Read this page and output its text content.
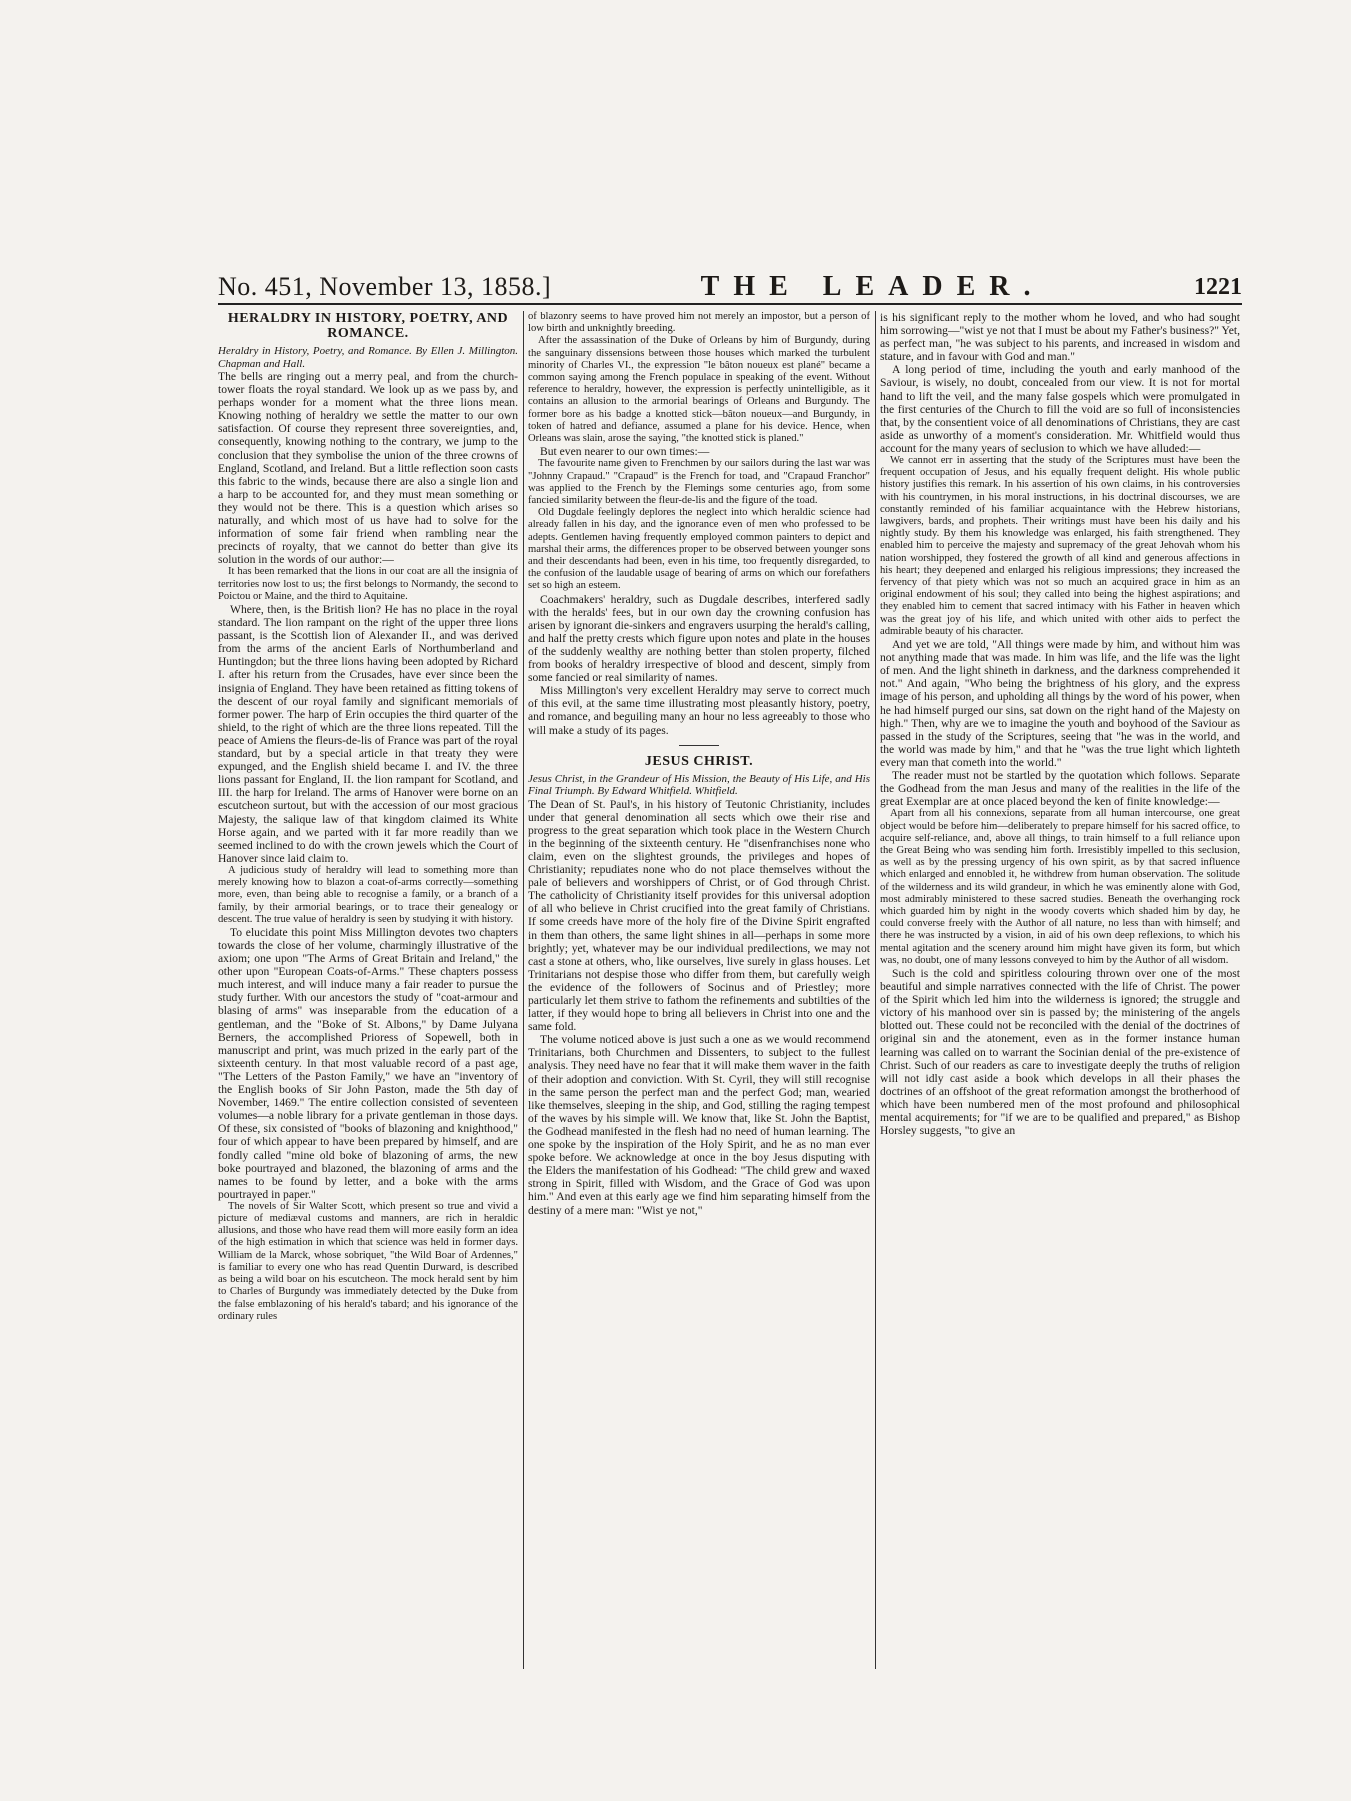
No. 451, November 13, 1858.]	THE LEADER.	1221
HERALDRY IN HISTORY, POETRY, AND ROMANCE.

Heraldry in History, Poetry, and Romance. By Ellen J. Millington. Chapman and Hall.

The bells are ringing out a merry peal, and from the church-tower floats the royal standard. We look up as we pass by, and perhaps wonder for a moment what the three lions mean. Knowing nothing of heraldry we settle the matter to our own satisfaction. Of course they represent three sovereignties, and, consequently, knowing nothing to the contrary, we jump to the conclusion that they symbolise the union of the three crowns of England, Scotland, and Ireland. But a little reflection soon casts this fabric to the winds, because there are also a single lion and a harp to be accounted for, and they must mean something or they would not be there. This is a question which arises so naturally, and which most of us have had to solve for the information of some fair friend when rambling near the precincts of royalty, that we cannot do better than give its solution in the words of our author:—

It has been remarked that the lions in our coat are all the insignia of territories now lost to us; the first belongs to Normandy, the second to Poictou or Maine, and the third to Aquitaine.

Where, then, is the British lion? He has no place in the royal standard. The lion rampant on the right of the upper three lions passant, is the Scottish lion of Alexander II., and was derived from the arms of the ancient Earls of Northumberland and Huntingdon; but the three lions having been adopted by Richard I. after his return from the Crusades, have ever since been the insignia of England. They have been retained as fitting tokens of the descent of our royal family and significant memorials of former power. The harp of Erin occupies the third quarter of the shield, to the right of which are the three lions repeated. Till the peace of Amiens the fleurs-de-lis of France was part of the royal standard, but by a special article in that treaty they were expunged, and the English shield became I. and IV. the three lions passant for England, II. the lion rampant for Scotland, and III. the harp for Ireland. The arms of Hanover were borne on an escutcheon surtout, but with the accession of our most gracious Majesty, the salique law of that kingdom claimed its White Horse again, and we parted with it far more readily than we seemed inclined to do with the crown jewels which the Court of Hanover since laid claim to.

A judicious study of heraldry will lead to something more than merely knowing how to blazon a coat-of-arms correctly—something more, even, than being able to recognise a family, or a branch of a family, by their armorial bearings, or to trace their genealogy or descent. The true value of heraldry is seen by studying it with history.

To elucidate this point Miss Millington devotes two chapters towards the close of her volume, charmingly illustrative of the axiom; one upon "The Arms of Great Britain and Ireland," the other upon "European Coats-of-Arms." These chapters possess much interest, and will induce many a fair reader to pursue the study further. With our ancestors the study of "coat-armour and blasing of arms" was inseparable from the education of a gentleman, and the "Boke of St. Albons," by Dame Julyana Berners, the accomplished Prioress of Sopewell, both in manuscript and print, was much prized in the early part of the sixteenth century. In that most valuable record of a past age, "The Letters of the Paston Family," we have an "inventory of the English books of Sir John Paston, made the 5th day of November, 1469." The entire collection consisted of seventeen volumes—a noble library for a private gentleman in those days. Of these, six consisted of "books of blazoning and knighthood," four of which appear to have been prepared by himself, and are fondly called "mine old boke of blazoning of arms, the new boke pourtrayed and blazoned, the blazoning of arms and the names to be found by letter, and a boke with the arms pourtrayed in paper."

The novels of Sir Walter Scott, which present so true and vivid a picture of mediæval customs and manners, are rich in heraldic allusions, and those who have read them will more easily form an idea of the high estimation in which that science was held in former days. William de la Marck, whose sobriquet, "the Wild Boar of Ardennes," is familiar to every one who has read Quentin Durward, is described as being a wild boar on his escutcheon. The mock herald sent by him to Charles of Burgundy was immediately detected by the Duke from the false emblazoning of his herald's tabard; and his ignorance of the ordinary rules

of blazonry seems to have proved him not merely an impostor, but a person of low birth and unknightly breeding.

After the assassination of the Duke of Orleans by him of Burgundy, during the sanguinary dissensions between those houses which marked the turbulent minority of Charles VI., the expression "le bâton noueux est plané" became a common saying among the French populace in speaking of the event. Without reference to heraldry, however, the expression is perfectly unintelligible, as it contains an allusion to the armorial bearings of Orleans and Burgundy. The former bore as his badge a knotted stick—bâton noueux—and Burgundy, in token of hatred and defiance, assumed a plane for his device. Hence, when Orleans was slain, arose the saying, "the knotted stick is planed."

But even nearer to our own times:—

The favourite name given to Frenchmen by our sailors during the last war was "Johnny Crapaud." "Crapaud" is the French for toad, and "Crapaud Franchor" was applied to the French by the Flemings some centuries ago, from some fancied similarity between the fleur-de-lis and the figure of the toad.

Old Dugdale feelingly deplores the neglect into which heraldic science had already fallen in his day, and the ignorance even of men who professed to be adepts. Gentlemen having frequently employed common painters to depict and marshal their arms, the differences proper to be observed between younger sons and their descendants had been, even in his time, too frequently disregarded, to the confusion of the laudable usage of bearing of arms on which our forefathers set so high an esteem.

Coachmakers' heraldry, such as Dugdale describes, interfered sadly with the heralds' fees, but in our own day the crowning confusion has arisen by ignorant die-sinkers and engravers usurping the herald's calling, and half the pretty crests which figure upon notes and plate in the houses of the suddenly wealthy are nothing better than stolen property, filched from books of heraldry irrespective of blood and descent, simply from some fancied or real similarity of names.

Miss Millington's very excellent Heraldry may serve to correct much of this evil, at the same time illustrating most pleasantly history, poetry, and romance, and beguiling many an hour no less agreeably to those who will make a study of its pages.

JESUS CHRIST.

Jesus Christ, in the Grandeur of His Mission, the Beauty of His Life, and His Final Triumph. By Edward Whitfield. Whitfield.

The Dean of St. Paul's, in his history of Teutonic Christianity, includes under that general denomination all sects which owe their rise and progress to the great separation which took place in the Western Church in the beginning of the sixteenth century. He "disenfranchises none who claim, even on the slightest grounds, the privileges and hopes of Christianity; repudiates none who do not place themselves without the pale of believers and worshippers of Christ, or of God through Christ. The catholicity of Christianity itself provides for this universal adoption of all who believe in Christ crucified into the great family of Christians. If some creeds have more of the holy fire of the Divine Spirit engrafted in them than others, the same light shines in all—perhaps in some more brightly; yet, whatever may be our individual predilections, we may not cast a stone at others, who, like ourselves, live surely in glass houses. Let Trinitarians not despise those who differ from them, but carefully weigh the evidence of the followers of Socinus and of Priestley; more particularly let them strive to fathom the refinements and subtilties of the latter, if they would hope to bring all believers in Christ into one and the same fold.

The volume noticed above is just such a one as we would recommend Trinitarians, both Churchmen and Dissenters, to subject to the fullest analysis. They need have no fear that it will make them waver in the faith of their adoption and conviction. With St. Cyril, they will still recognise in the same person the perfect man and the perfect God; man, wearied like themselves, sleeping in the ship, and God, stilling the raging tempest of the waves by his simple will. We know that, like St. John the Baptist, the Godhead manifested in the flesh had no need of human learning. The one spoke by the inspiration of the Holy Spirit, and he as no man ever spoke before. We acknowledge at once in the boy Jesus disputing with the Elders the manifestation of his Godhead: "The child grew and waxed strong in Spirit, filled with Wisdom, and the Grace of God was upon him." And even at this early age we find him separating himself from the destiny of a mere man: "Wist ye not,"

is his significant reply to the mother whom he loved, and who had sought him sorrowing—"wist ye not that I must be about my Father's business?" Yet, as perfect man, "he was subject to his parents, and increased in wisdom and stature, and in favour with God and man."

A long period of time, including the youth and early manhood of the Saviour, is wisely, no doubt, concealed from our view. It is not for mortal hand to lift the veil, and the many false gospels which were promulgated in the first centuries of the Church to fill the void are so full of inconsistencies that, by the consentient voice of all denominations of Christians, they are cast aside as unworthy of a moment's consideration. Mr. Whitfield would thus account for the many years of seclusion to which we have alluded:—

We cannot err in asserting that the study of the Scriptures must have been the frequent occupation of Jesus, and his equally frequent delight. His whole public history justifies this remark. In his assertion of his own claims, in his controversies with his countrymen, in his moral instructions, in his doctrinal discourses, we are constantly reminded of his familiar acquaintance with the Hebrew historians, lawgivers, bards, and prophets. Their writings must have been his daily and his nightly study. By them his knowledge was enlarged, his faith strengthened. They enabled him to perceive the majesty and supremacy of the great Jehovah whom his nation worshipped, they fostered the growth of all kind and generous affections in his heart; they deepened and enlarged his religious impressions; they increased the fervency of that piety which was not so much an acquired grace in him as an original endowment of his soul; they called into being the highest aspirations; and they enabled him to cement that sacred intimacy with his Father in heaven which was the great joy of his life, and which united with other aids to perfect the admirable beauty of his character.

And yet we are told, "All things were made by him, and without him was not anything made that was made. In him was life, and the life was the light of men. And the light shineth in darkness, and the darkness comprehended it not." And again, "Who being the brightness of his glory, and the express image of his person, and upholding all things by the word of his power, when he had himself purged our sins, sat down on the right hand of the Majesty on high." Then, why are we to imagine the youth and boyhood of the Saviour as passed in the study of the Scriptures, seeing that "he was in the world, and the world was made by him," and that he "was the true light which lighteth every man that cometh into the world."

The reader must not be startled by the quotation which follows. Separate the Godhead from the man Jesus and many of the realities in the life of the great Exemplar are at once placed beyond the ken of finite knowledge:—

Apart from all his connexions, separate from all human intercourse, one great object would be before him—deliberately to prepare himself for his sacred office, to acquire self-reliance, and, above all things, to train himself to a full reliance upon the Great Being who was sending him forth. Irresistibly impelled to this seclusion, as well as by the pressing urgency of his own spirit, as by that sacred influence which enlarged and ennobled it, he withdrew from human observation. The solitude of the wilderness and its wild grandeur, in which he was eminently alone with God, most admirably ministered to these sacred studies. Beneath the overhanging rock which guarded him by night in the woody coverts which shaded him by day, he could converse freely with the Author of all nature, no less than with himself; and there he was instructed by a vision, in aid of his own deep reflexions, to which his mental agitation and the scenery around him might have given its form, but which was, no doubt, one of many lessons conveyed to him by the Author of all wisdom.

Such is the cold and spiritless colouring thrown over one of the most beautiful and simple narratives connected with the life of Christ. The power of the Spirit which led him into the wilderness is ignored; the struggle and victory of his manhood over sin is passed by; the ministering of the angels blotted out. These could not be reconciled with the denial of the doctrines of original sin and the atonement, even as in the former instance human learning was called on to warrant the Socinian denial of the pre-existence of Christ. Such of our readers as care to investigate deeply the truths of religion will not idly cast aside a book which develops in all their phases the doctrines of an offshoot of the great reformation amongst the brotherhood of which have been numbered men of the most profound and philosophical mental acquirements; for "if we are to be qualified and prepared," as Bishop Horsley suggests, "to give an
